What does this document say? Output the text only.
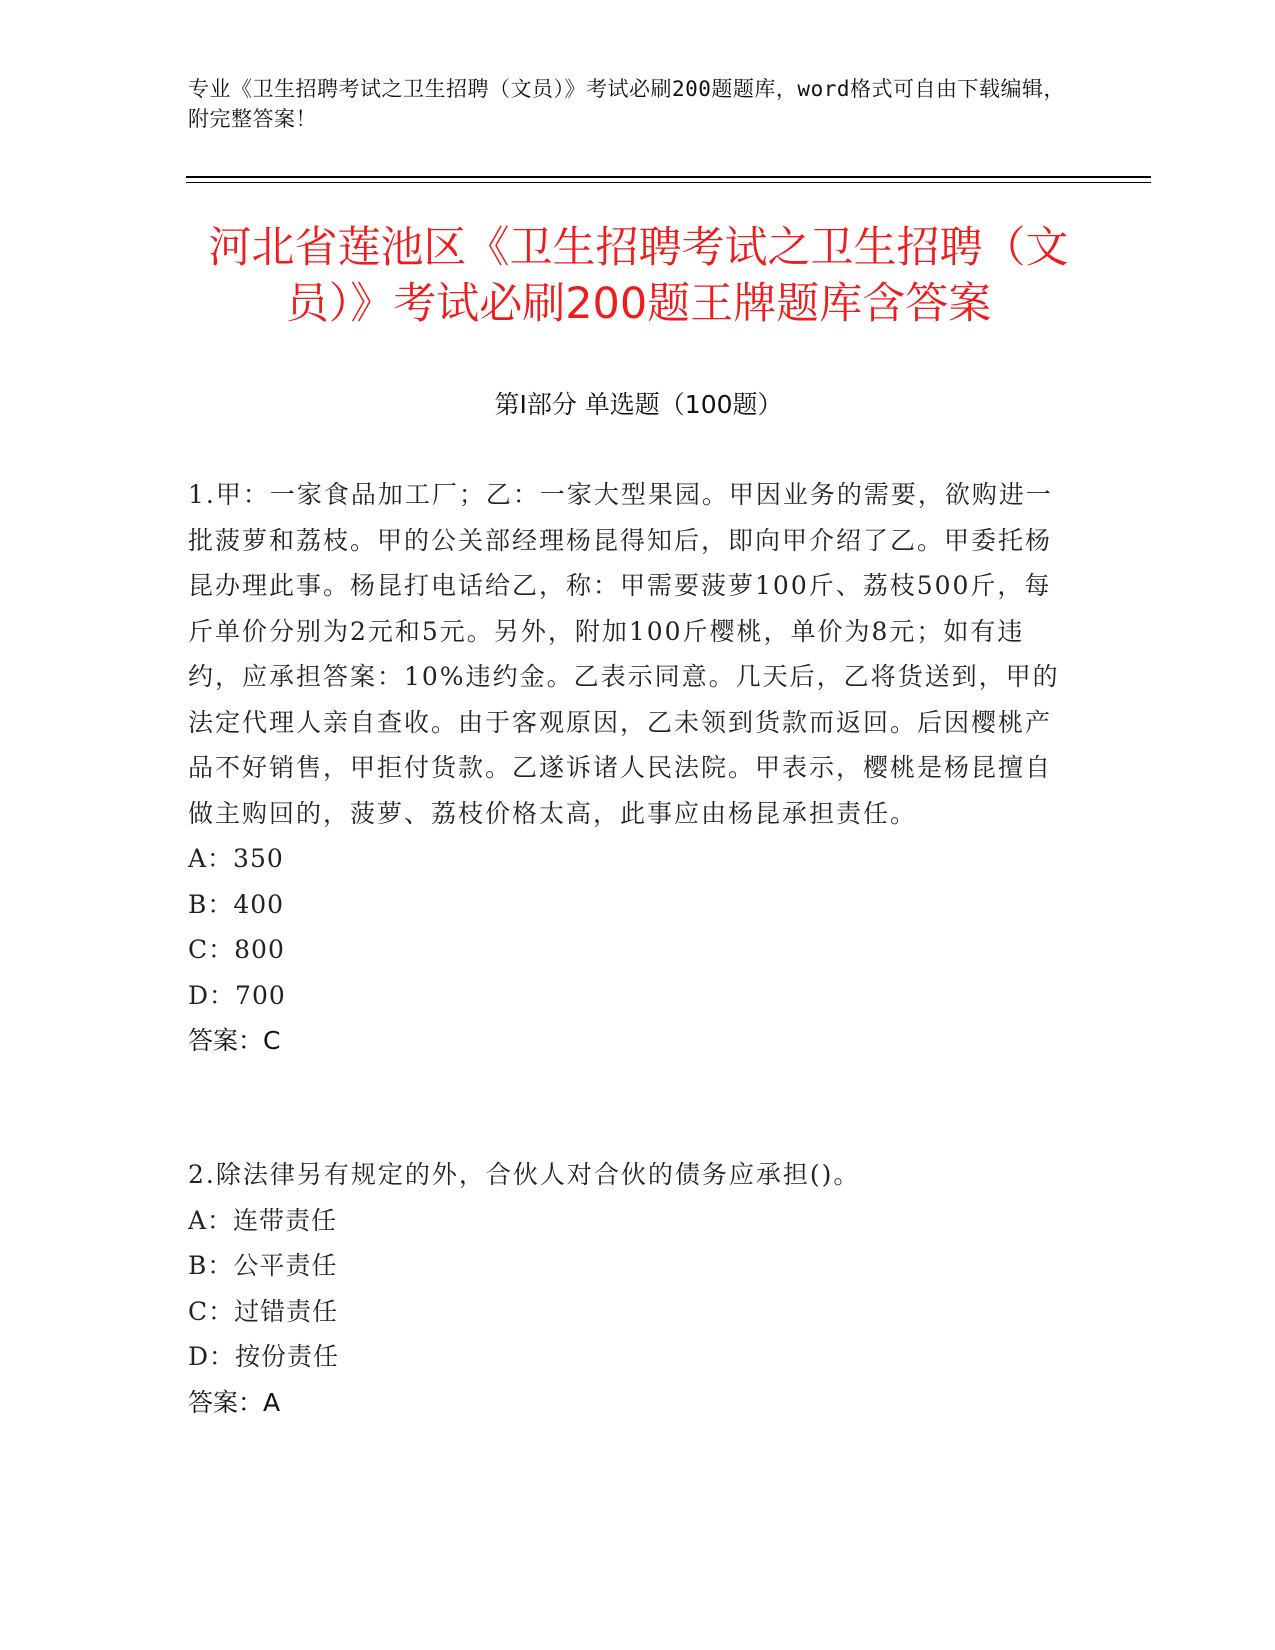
专业《卫生招聘考试之卫生招聘（文员）》考试必刷200题题库，word格式可自由下载编辑，附完整答案！
河北省莲池区《卫生招聘考试之卫生招聘（文员）》考试必刷200题王牌题库含答案
第Ⅰ部分 单选题（100题）

1.甲：一家食品加工厂；乙：一家大型果园。甲因业务的需要，欲购进一批菠萝和荔枝。甲的公关部经理杨昆得知后，即向甲介绍了乙。甲委托杨昆办理此事。杨昆打电话给乙，称：甲需要菠萝100斤、荔枝500斤，每斤单价分别为2元和5元。另外，附加100斤樱桃，单价为8元；如有违约，应承担答案：10%违约金。乙表示同意。几天后，乙将货送到，甲的法定代理人亲自查收。由于客观原因，乙未领到货款而返回。后因樱桃产品不好销售，甲拒付货款。乙遂诉诸人民法院。甲表示，樱桃是杨昆擅自做主购回的，菠萝、荔枝价格太高，此事应由杨昆承担责任。

A：350

B：400

C：800

D：700

答案：C

2.除法律另有规定的外，合伙人对合伙的债务应承担()。

A：连带责任

B：公平责任

C：过错责任

D：按份责任

答案：A
